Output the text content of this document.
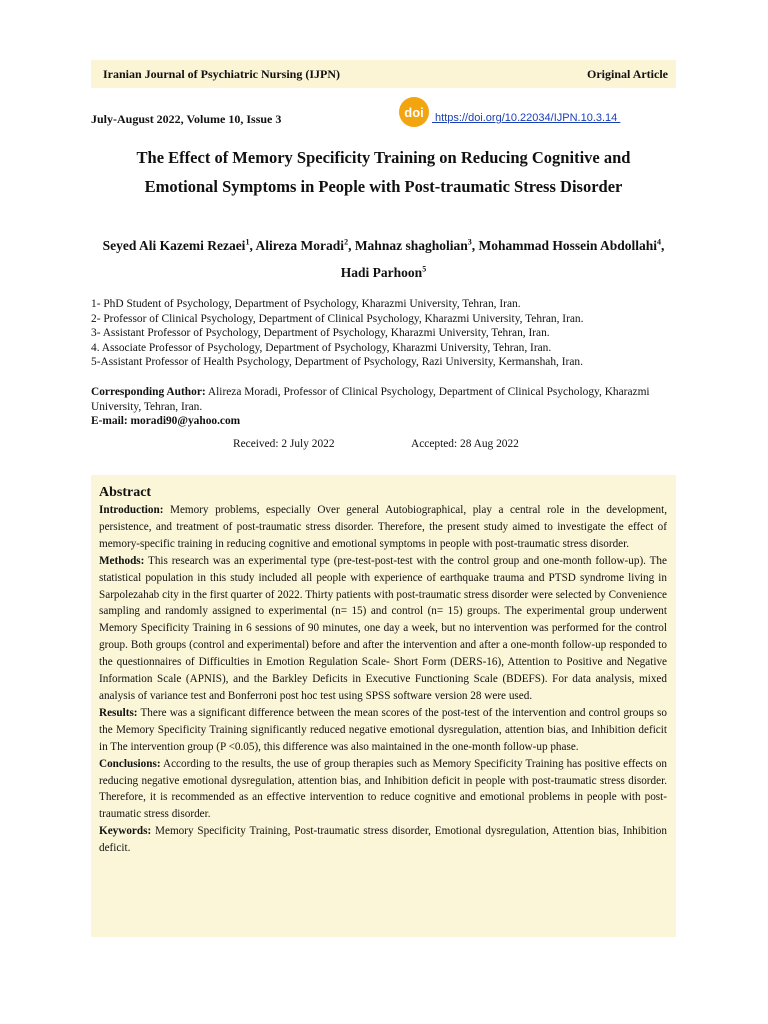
Iranian Journal of Psychiatric Nursing (IJPN)	Original Article
July-August 2022, Volume 10, Issue 3	doi https://doi.org/10.22034/IJPN.10.3.14
The Effect of Memory Specificity Training on Reducing Cognitive and
Emotional Symptoms in People with Post-traumatic Stress Disorder
Seyed Ali Kazemi Rezaei$^1$, Alireza Moradi$^2$, Mahnaz shagholian$^3$, Mohammad Hossein Abdollahi$^4$, Hadi Parhoon$^5$
1- PhD Student of Psychology, Department of Psychology, Kharazmi University, Tehran, Iran.
2- Professor of Clinical Psychology, Department of Clinical Psychology, Kharazmi University, Tehran, Iran.
3- Assistant Professor of Psychology, Department of Psychology, Kharazmi University, Tehran, Iran.
4. Associate Professor of Psychology, Department of Psychology, Kharazmi University, Tehran, Iran.
5-Assistant Professor of Health Psychology, Department of Psychology, Razi University, Kermanshah, Iran.
Corresponding Author: Alireza Moradi, Professor of Clinical Psychology, Department of Clinical Psychology, Kharazmi University, Tehran, Iran.
E-mail: moradi90@yahoo.com
Received: 2 July 2022	Accepted: 28 Aug 2022
Abstract

Introduction: Memory problems, especially Over general Autobiographical, play a central role in the development, persistence, and treatment of post-traumatic stress disorder. Therefore, the present study aimed to investigate the effect of memory-specific training in reducing cognitive and emotional symptoms in people with post-traumatic stress disorder.

Methods: This research was an experimental type (pre-test-post-test with the control group and one-month follow-up). The statistical population in this study included all people with experience of earthquake trauma and PTSD syndrome living in Sarpolezahab city in the first quarter of 2022. Thirty patients with post-traumatic stress disorder were selected by Convenience sampling and randomly assigned to experimental (n= 15) and control (n= 15) groups. The experimental group underwent Memory Specificity Training in 6 sessions of 90 minutes, one day a week, but no intervention was performed for the control group. Both groups (control and experimental) before and after the intervention and after a one-month follow-up responded to the questionnaires of Difficulties in Emotion Regulation Scale- Short Form (DERS-16), Attention to Positive and Negative Information Scale (APNIS), and the Barkley Deficits in Executive Functioning Scale (BDEFS). For data analysis, mixed analysis of variance test and Bonferroni post hoc test using SPSS software version 28 were used.

Results: There was a significant difference between the mean scores of the post-test of the intervention and control groups so the Memory Specificity Training significantly reduced negative emotional dysregulation, attention bias, and Inhibition deficit in The intervention group (P <0.05), this difference was also maintained in the one-month follow-up phase.

Conclusions: According to the results, the use of group therapies such as Memory Specificity Training has positive effects on reducing negative emotional dysregulation, attention bias, and Inhibition deficit in people with post-traumatic stress disorder. Therefore, it is recommended as an effective intervention to reduce cognitive and emotional problems in people with post-traumatic stress disorder.

Keywords: Memory Specificity Training, Post-traumatic stress disorder, Emotional dysregulation, Attention bias, Inhibition deficit.
